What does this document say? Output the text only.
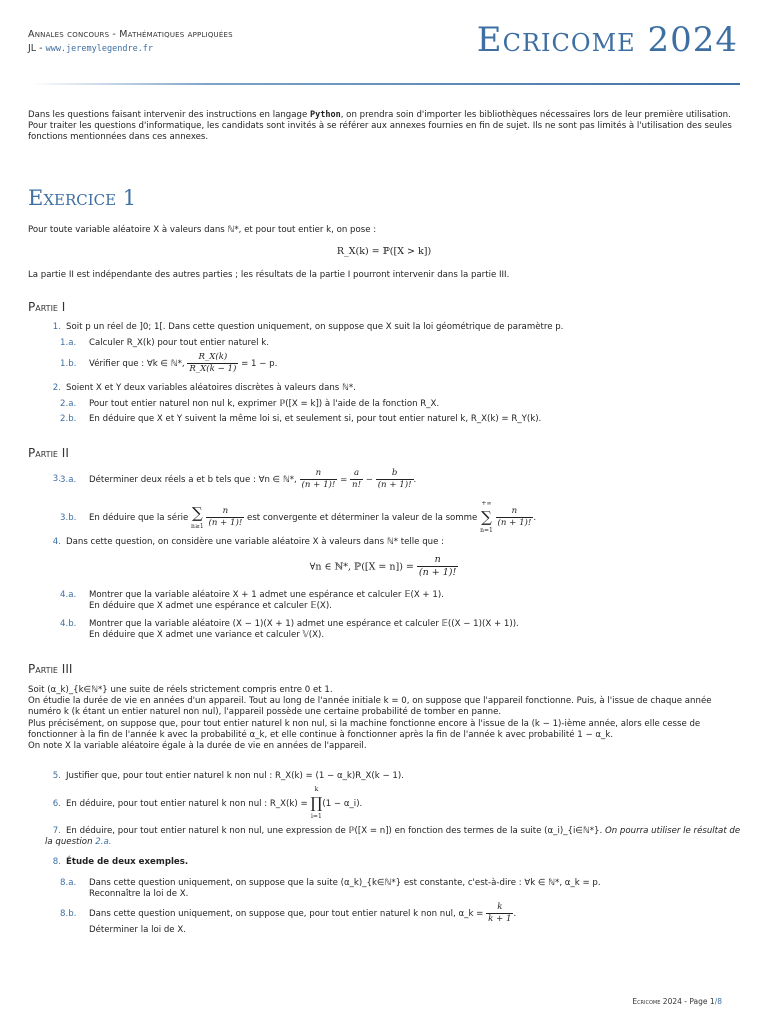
Annales concours - Mathématiques appliquées
JL - www.jeremylegendre.fr	Ecricome 2024

Dans les questions faisant intervenir des instructions en langage Python, on prendra soin d'importer les bibliothèques nécessaires lors de leur première utilisation.

Pour traiter les questions d'informatique, les candidats sont invités à se référer aux annexes fournies en fin de sujet. Ils ne sont pas limités à l'utilisation des seules fonctions mentionnées dans ces annexes.

Exercice 1
Pour toute variable aléatoire X à valeurs dans ℕ*, et pour tout entier k, on pose :
R_X(k) = ℙ([X > k])
La partie II est indépendante des autres parties ; les résultats de la partie I pourront intervenir dans la partie III.
Partie I
1. Soit p un réel de ]0; 1[. Dans cette question uniquement, on suppose que X suit la loi géométrique de paramètre p.
1.a. Calculer R_X(k) pour tout entier naturel k.
1.b. Vérifier que : ∀k ∈ ℕ*, $\frac{R\_X(k)}{R\_X(k - 1)} = 1 - p$.
2. Soient X et Y deux variables aléatoires discrètes à valeurs dans ℕ*.
2.a. Pour tout entier naturel non nul k, exprimer ℙ([X = k]) à l'aide de la fonction R_X.
2.b. En déduire que X et Y suivent la même loi si, et seulement si, pour tout entier naturel k, R_X(k) = R_Y(k).
Partie II
3. 3.a. Déterminer deux réels a et b tels que : ∀n ∈ ℕ*, $\frac{n}{(n + 1)!} = \frac{a}{n!} - \frac{b}{(n + 1)!}$ .
3.b. En déduire que la série ∑
n≥1
$\frac{n}{(n + 1)!}$ est convergente et déterminer la valeur de la somme
+∞
∑
n=1

$\frac{n}{(n + 1)!}$ .
4. Dans cette question, on considère une variable aléatoire X à valeurs dans ℕ* telle que :
∀n ∈ ℕ*, ℙ([X = $n]) = \frac{n}{(n + 1)!}$
4.a. Montrer que la variable aléatoire X + 1 admet une espérance et calculer 𝔼(X + 1).
En déduire que X admet une espérance et calculer 𝔼(X).
4.b. Montrer que la variable aléatoire (X − 1)(X + 1) admet une espérance et calculer 𝔼((X − 1)(X + 1)).
En déduire que X admet une variance et calculer 𝕍(X).
Partie III
Soit (α_k)_{k∈ℕ*} une suite de réels strictement compris entre 0 et 1.
On étudie la durée de vie en années d'un appareil. Tout au long de l'année initiale k = 0, on suppose que l'appareil fonctionne. Puis, à l'issue de chaque année numéro k (k étant un entier naturel non nul), l'appareil possède une certaine probabilité de tomber en panne.
Plus précisément, on suppose que, pour tout entier naturel k non nul, si la machine fonctionne encore à l'issue de la (k − 1)-ième année, alors elle cesse de fonctionner à la fin de l'année k avec la probabilité α_k, et elle continue à fonctionner après la fin de l'année k avec probabilité 1 − α_k.
On note X la variable aléatoire égale à la durée de vie en années de l'appareil.
5. Justifier que, pour tout entier naturel k non nul : R_X(k) = (1 − α_k)R_X(k − 1).
6. En déduire, pour tout entier naturel k non nul : R_X(k) =
k
∏
i=1
(1 − α_i).
7. En déduire, pour tout entier naturel k non nul, une expression de ℙ([X = n]) en fonction des termes de la suite (α_i)_{i∈ℕ*}. On pourra utiliser le résultat de la question 2.a.
8. Étude de deux exemples.
8.a. Dans cette question uniquement, on suppose que la suite (α_k)_{k∈ℕ*} est constante, c'est-à-dire : ∀k ∈ ℕ*, α_k = p.
Reconnaître la loi de X.
8.b. Dans cette question uniquement, on suppose que, pour tout entier naturel k non nul, α_k = $\frac{k}{k + 1}$ .
Déterminer la loi de X.
Ecricome 2024 - Page 1/8
